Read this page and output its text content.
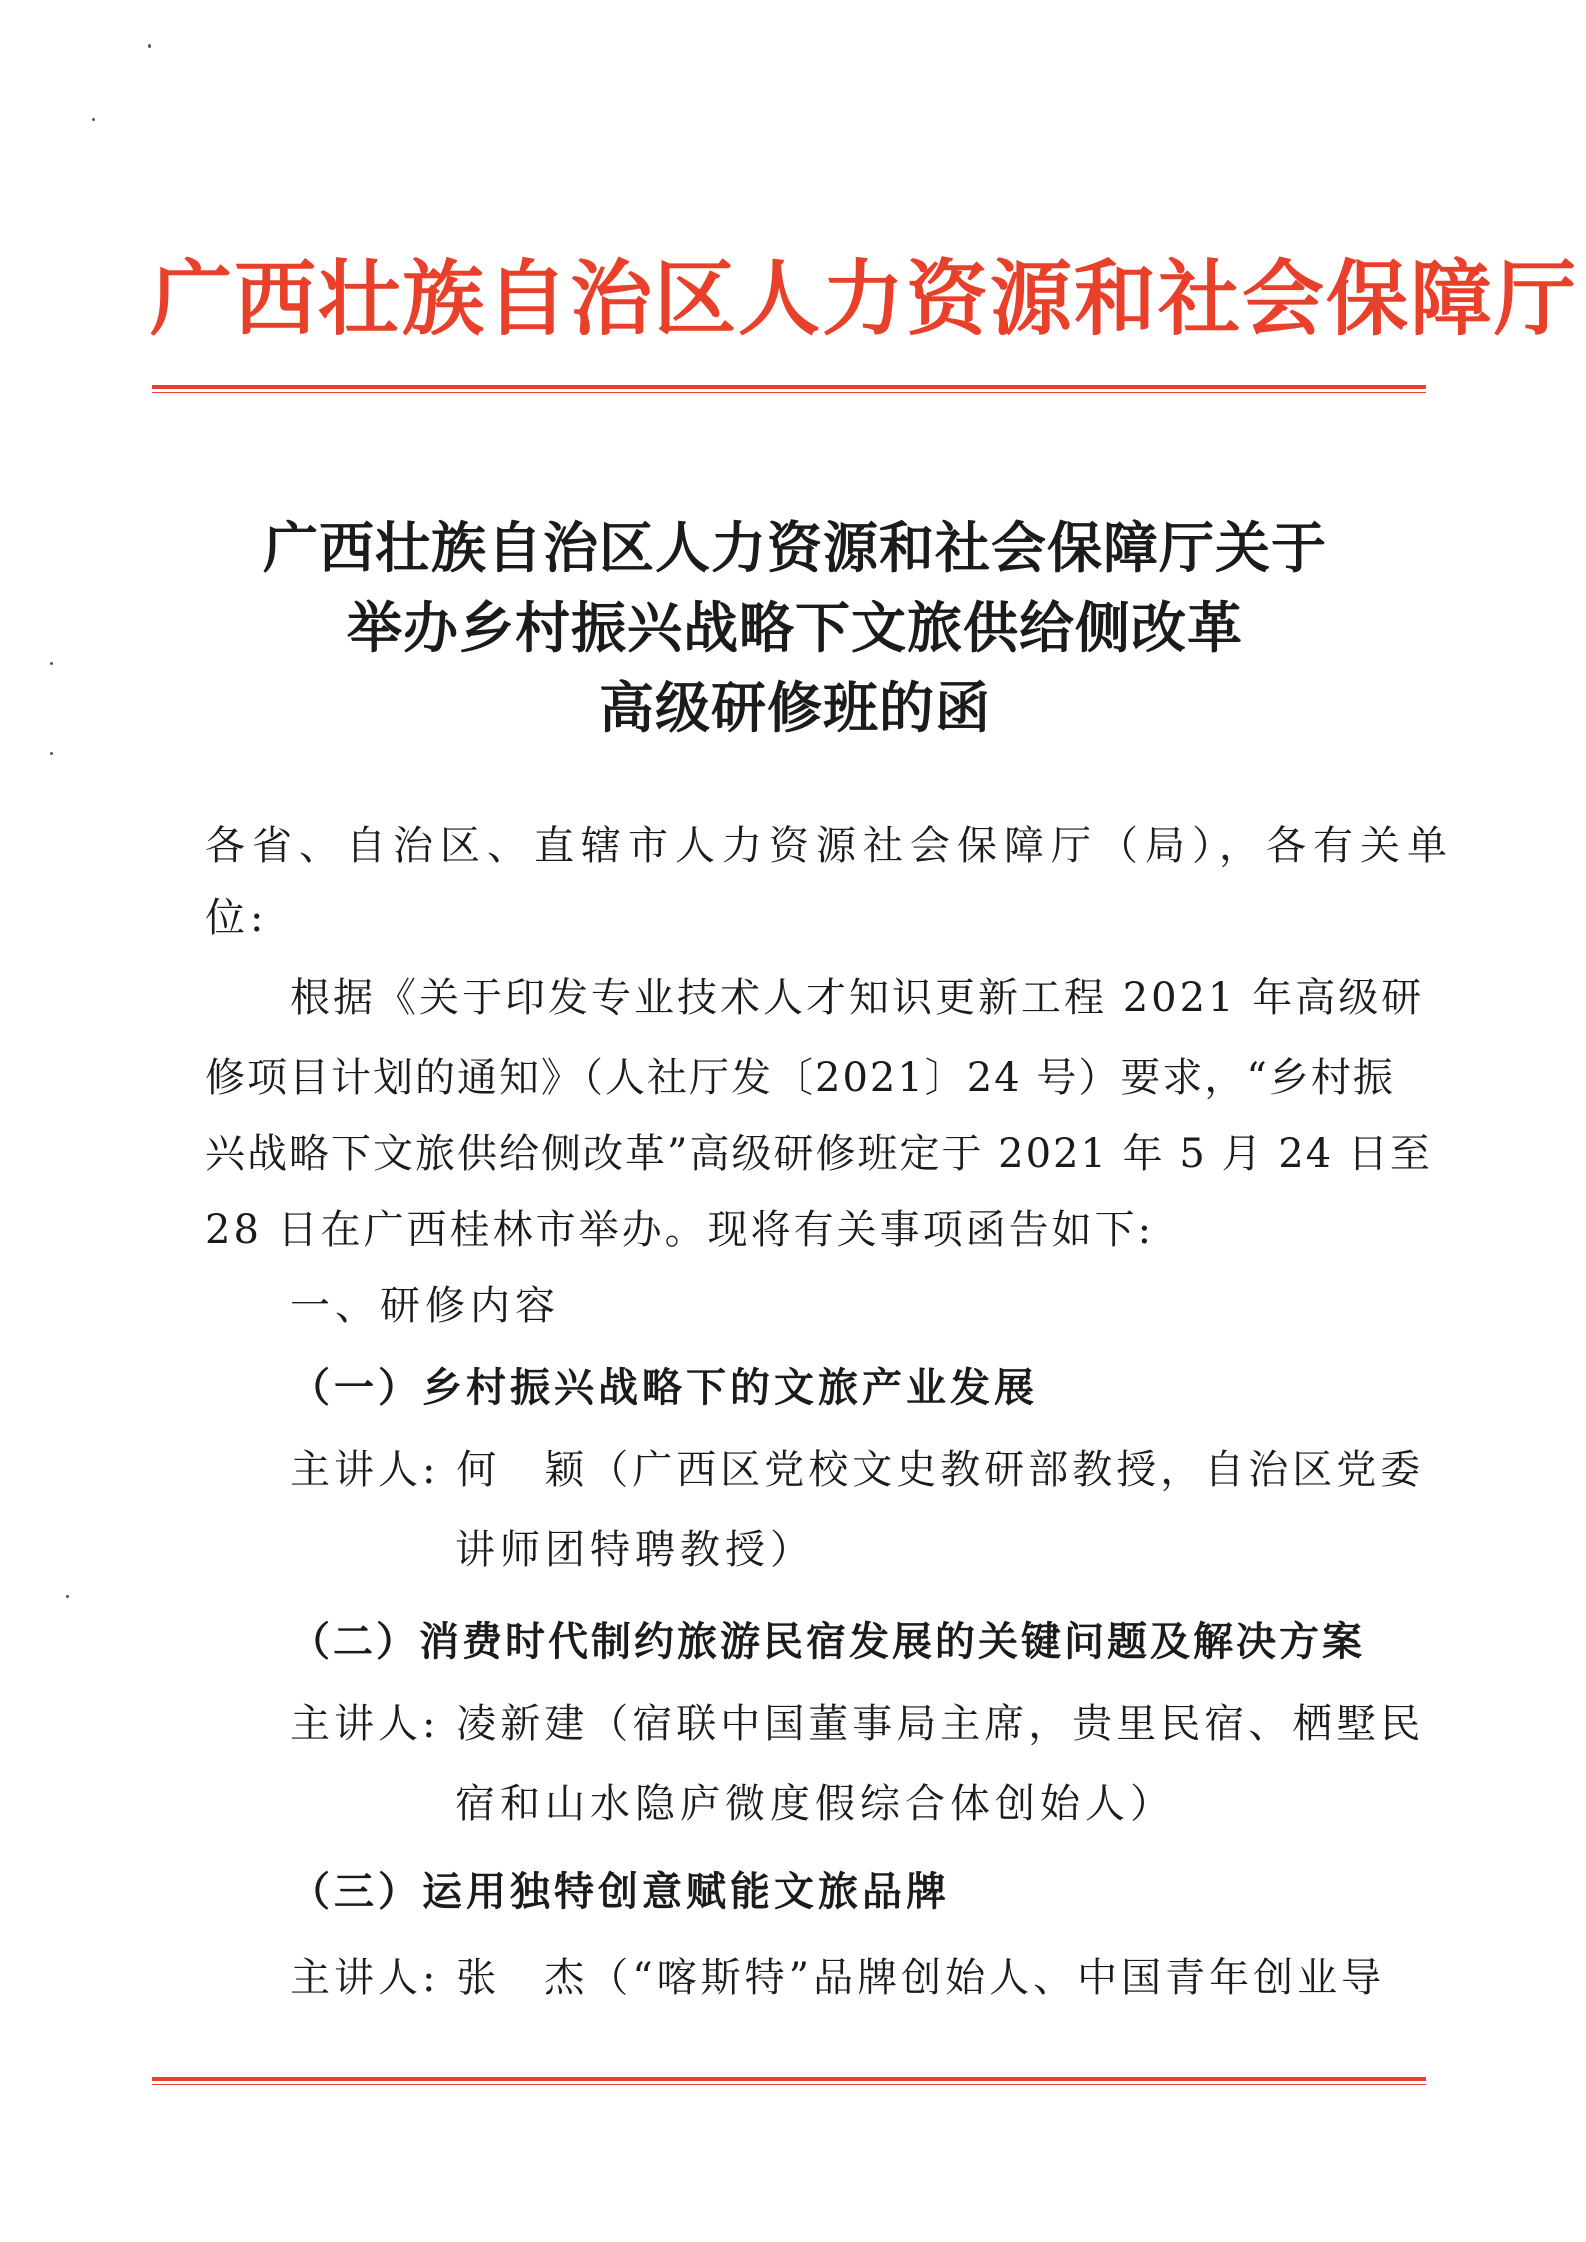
广西壮族自治区人力资源和社会保障厅
广西壮族自治区人力资源和社会保障厅关于
举办乡村振兴战略下文旅供给侧改革
高级研修班的函
各省、自治区、直辖市人力资源社会保障厅（局），各有关单
位:
根据《关于印发专业技术人才知识更新工程 2021 年高级研
修项目计划的通知》（人社厅发〔2021〕24 号）要求，“乡村振
兴战略下文旅供给侧改革”高级研修班定于 2021 年 5 月 24 日至
28 日在广西桂林市举办。现将有关事项函告如下:
一、研修内容
（一）乡村振兴战略下的文旅产业发展
主讲人: 何　颖（广西区党校文史教研部教授，自治区党委
讲师团特聘教授）
（二）消费时代制约旅游民宿发展的关键问题及解决方案
主讲人: 凌新建（宿联中国董事局主席，贵里民宿、栖墅民
宿和山水隐庐微度假综合体创始人）
（三）运用独特创意赋能文旅品牌
主讲人: 张　杰（“喀斯特”品牌创始人、中国青年创业导
